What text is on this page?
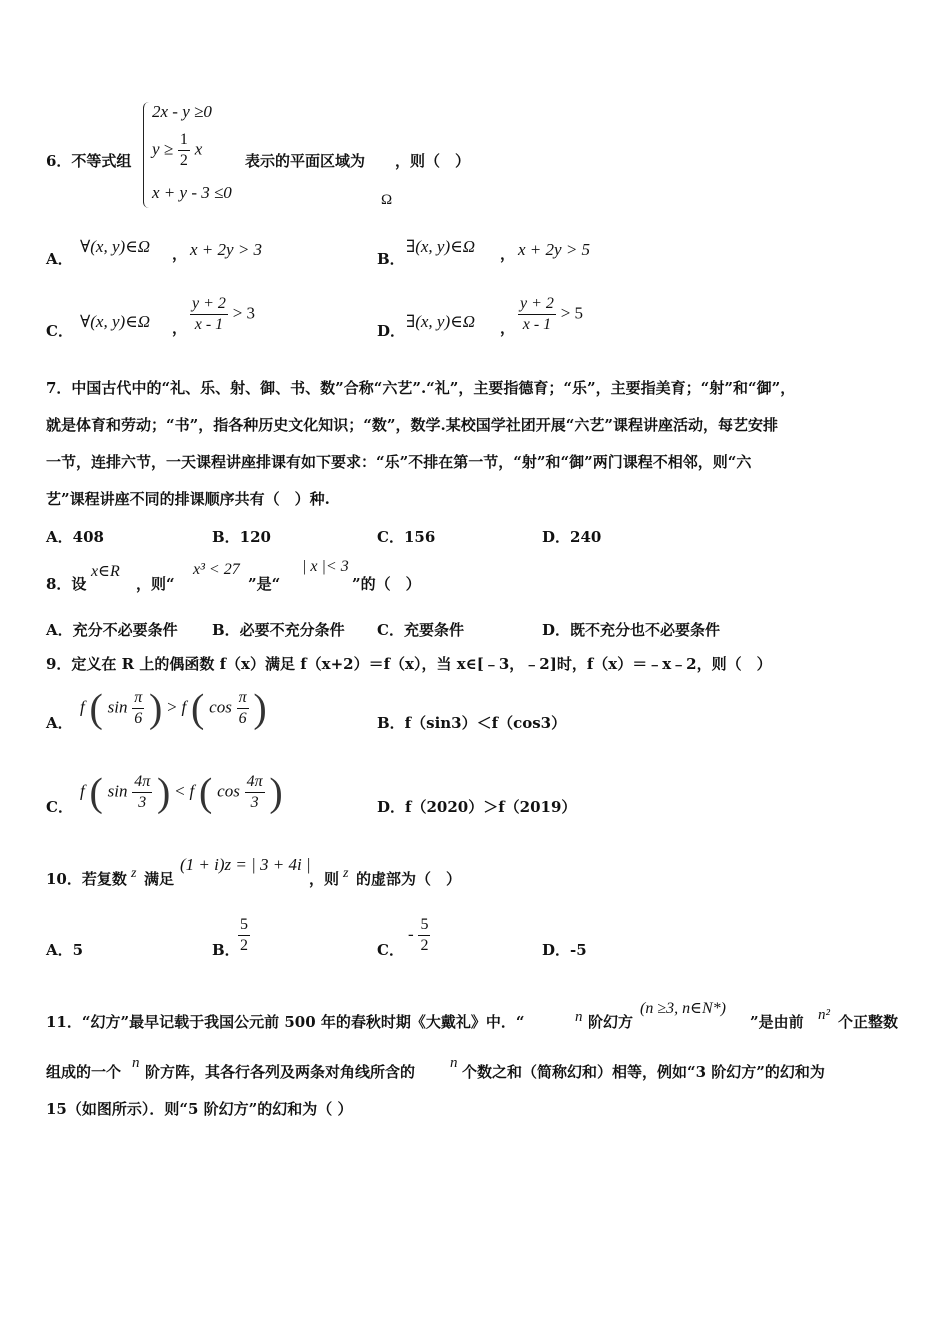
6．不等式组
2x - y ≥0
$y \ge \frac{1}{2}$ x
x + y - 3 ≤0
表示的平面区域为
Ω
，则（　）
A．
∀(x, y)∈Ω ， x + 2y > 3	B．
∃(x, y)∈Ω ， x + 2y > 5
C． ∀(x, y)∈Ω ， $\frac{y + 2}{x - 1} > 3$
D． ∃(x, y)∈Ω ， $\frac{y + 2}{x - 1} > 5$

7．中国古代中的“礼、乐、射、御、书、数”合称“六艺”.“礼”，主要指德育；“乐”，主要指美育；“射”和“御”，

就是体育和劳动；“书”，指各种历史文化知识；“数”，数学.某校国学社团开展“六艺”课程讲座活动，每艺安排

一节，连排六节，一天课程讲座排课有如下要求：“乐”不排在第一节，“射”和“御”两门课程不相邻，则“六

艺”课程讲座不同的排课顺序共有（　）种.

A．408	B．120	C．156	D．240
8．设
x∈R
，则“
x³ < 27
”是“
| x |< 3
”的（　）
A．充分不必要条件 B．必要不充分条件 C．充要条件	D．既不充分也不必要条件
9．定义在 R 上的偶函数 f（x）满足 f（x+2）＝f（x），当 x∈[﹣3，﹣2]时，f（x）＝﹣x﹣2，则（　）
A．
f ( $\sin \frac{\pi}{6}$ ) > f ( $\cos \frac{\pi}{6}$ )	B．f（sin3）＜f（cos3）
C．
f ( $\sin \frac{4\pi}{3}$ ) < f ( $\cos \frac{4\pi}{3}$ )	D．f（2020）＞f（2019）
10．若复数 z 满足
(1 + i)z = | 3 + 4i |
，则 z 的虚部为（　）
A．5	B．
$\frac{5}{2}$	C．
- $\frac{5}{2}$	D．-5
11．“幻方”最早记载于我国公元前 500 年的春秋时期《大戴礼》中．“	n 阶幻方
(n ≥3, n∈N*)
”是由前 n² 个正整数
组成的一个 n 阶方阵，其各行各列及两条对角线所含的 n 个数之和（简称幻和）相等，例如“3 阶幻方”的幻和为
15（如图所示）．则“5 阶幻方”的幻和为（ ）
